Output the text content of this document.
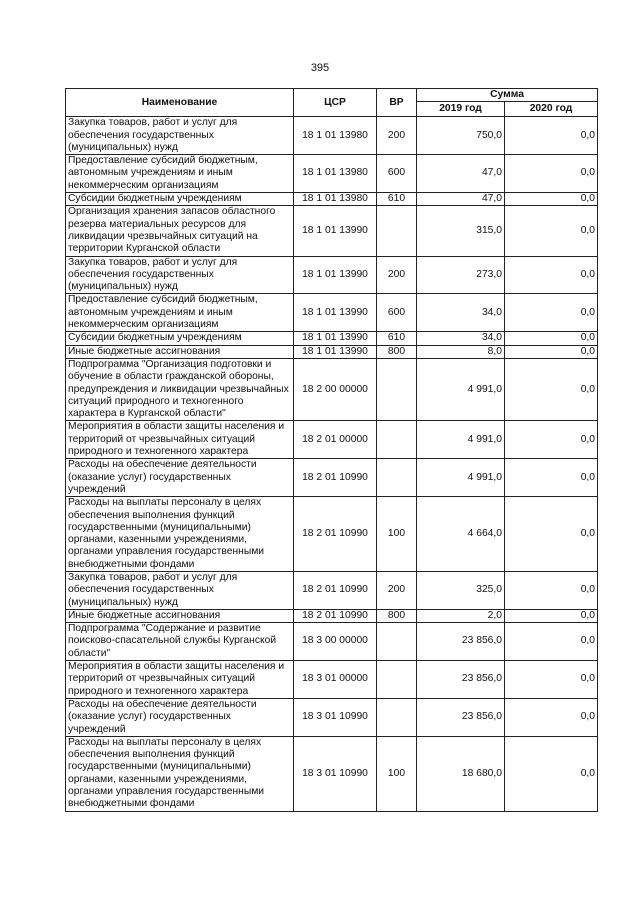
395
Наименование	ЦСР	ВР	Сумма	
			2019 год	2020 год
Закупка товаров, работ и услуг для обеспечения государственных (муниципальных) нужд	18 1 01 13980	200	750,0	0,0
Предоставление субсидий бюджетным, автономным учреждениям и иным некоммерческим организациям	18 1 01 13980	600	47,0	0,0
Субсидии бюджетным учреждениям	18 1 01 13980	610	47,0	0,0
Организация хранения запасов областного резерва материальных ресурсов для ликвидации чрезвычайных ситуаций на территории Курганской области	18 1 01 13990		315,0	0,0
Закупка товаров, работ и услуг для обеспечения государственных (муниципальных) нужд	18 1 01 13990	200	273,0	0,0
Предоставление субсидий бюджетным, автономным учреждениям и иным некоммерческим организациям	18 1 01 13990	600	34,0	0,0
Субсидии бюджетным учреждениям	18 1 01 13990	610	34,0	0,0
Иные бюджетные ассигнования	18 1 01 13990	800	8,0	0,0
Подпрограмма "Организация подготовки и обучение в области гражданской обороны, предупреждения и ликвидации чрезвычайных ситуаций природного и техногенного характера в Курганской области"	18 2 00 00000		4 991,0	0,0
Мероприятия в области защиты населения и территорий от чрезвычайных ситуаций природного и техногенного характера	18 2 01 00000		4 991,0	0,0
Расходы на обеспечение деятельности (оказание услуг) государственных учреждений	18 2 01 10990		4 991,0	0,0
Расходы на выплаты персоналу в целях обеспечения выполнения функций государственными (муниципальными) органами, казенными учреждениями, органами управления государственными внебюджетными фондами	18 2 01 10990	100	4 664,0	0,0
Закупка товаров, работ и услуг для обеспечения государственных (муниципальных) нужд	18 2 01 10990	200	325,0	0,0
Иные бюджетные ассигнования	18 2 01 10990	800	2,0	0,0
Подпрограмма "Содержание и развитие поисково-спасательной службы Курганской области"	18 3 00 00000		23 856,0	0,0
Мероприятия в области защиты населения и территорий от чрезвычайных ситуаций природного и техногенного характера	18 3 01 00000		23 856,0	0,0
Расходы на обеспечение деятельности (оказание услуг) государственных учреждений	18 3 01 10990		23 856,0	0,0
Расходы на выплаты персоналу в целях обеспечения выполнения функций государственными (муниципальными) органами, казенными учреждениями, органами управления государственными внебюджетными фондами	18 3 01 10990	100	18 680,0	0,0
